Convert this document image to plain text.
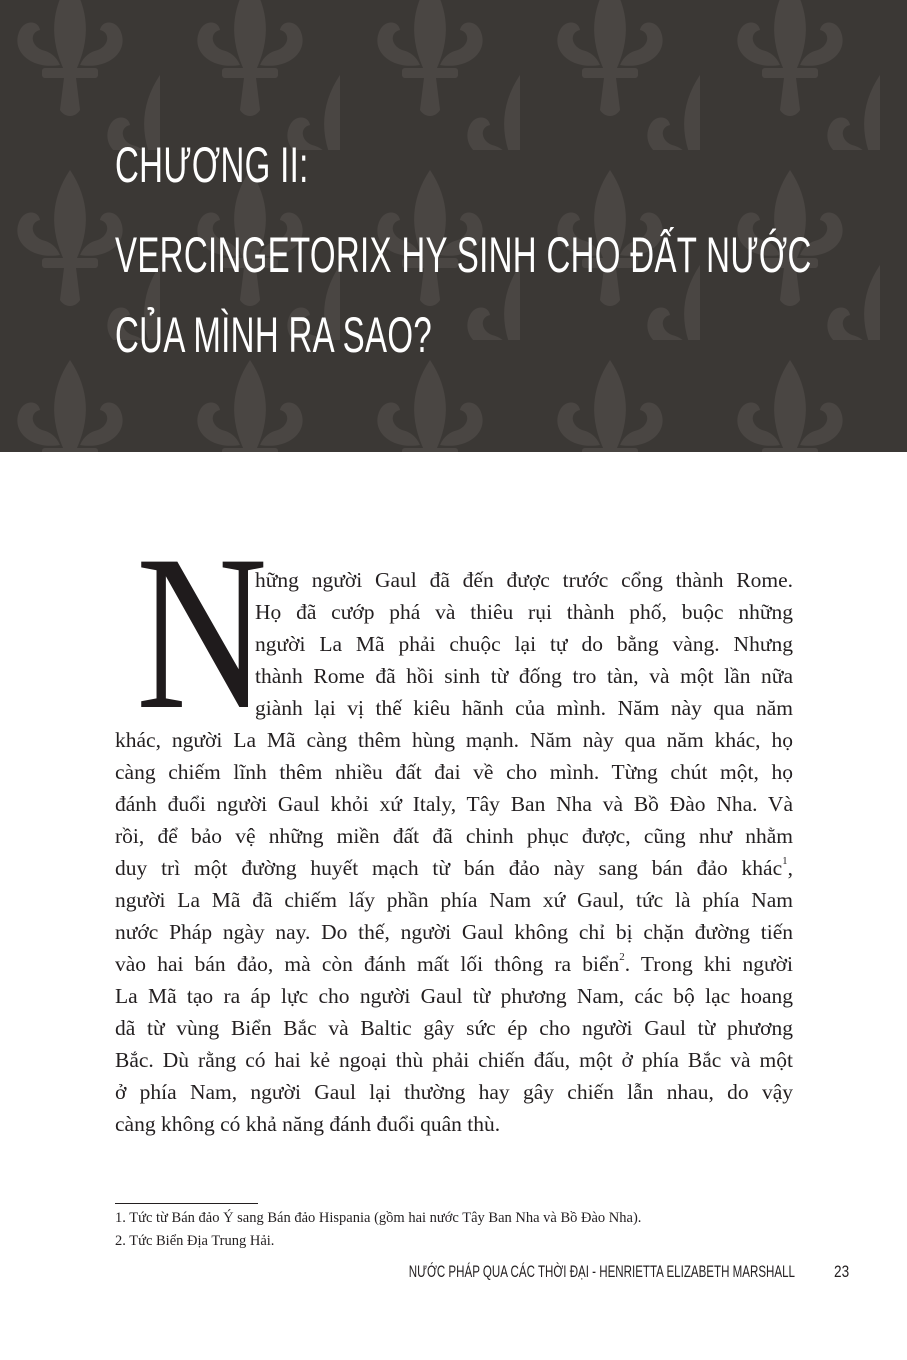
CHƯƠNG II:
VERCINGETORIX HY SINH CHO ĐẤT NƯỚC
CỦA MÌNH RA SAO?
N
hững người Gaul đã đến được trước cổng thành Rome.
Họ đã cướp phá và thiêu rụi thành phố, buộc những
người La Mã phải chuộc lại tự do bằng vàng. Nhưng
thành Rome đã hồi sinh từ đống tro tàn, và một lần nữa
giành lại vị thế kiêu hãnh của mình. Năm này qua năm
khác, người La Mã càng thêm hùng mạnh. Năm này qua năm khác, họ
càng chiếm lĩnh thêm nhiều đất đai về cho mình. Từng chút một, họ
đánh đuổi người Gaul khỏi xứ Italy, Tây Ban Nha và Bồ Đào Nha. Và
rồi, để bảo vệ những miền đất đã chinh phục được, cũng như nhằm
duy trì một đường huyết mạch từ bán đảo này sang bán đảo khác$^1$,
người La Mã đã chiếm lấy phần phía Nam xứ Gaul, tức là phía Nam
nước Pháp ngày nay. Do thế, người Gaul không chỉ bị chặn đường tiến
vào hai bán đảo, mà còn đánh mất lối thông ra biển$^2$. Trong khi người
La Mã tạo ra áp lực cho người Gaul từ phương Nam, các bộ lạc hoang
dã từ vùng Biển Bắc và Baltic gây sức ép cho người Gaul từ phương
Bắc. Dù rằng có hai kẻ ngoại thù phải chiến đấu, một ở phía Bắc và một
ở phía Nam, người Gaul lại thường hay gây chiến lẫn nhau, do vậy
càng không có khả năng đánh đuổi quân thù.
1. Tức từ Bán đảo Ý sang Bán đảo Hispania (gồm hai nước Tây Ban Nha và Bồ Đào Nha).
2. Tức Biển Địa Trung Hải.
NƯỚC PHÁP QUA CÁC THỜI ĐẠI - HENRIETTA ELIZABETH MARSHALL 23
